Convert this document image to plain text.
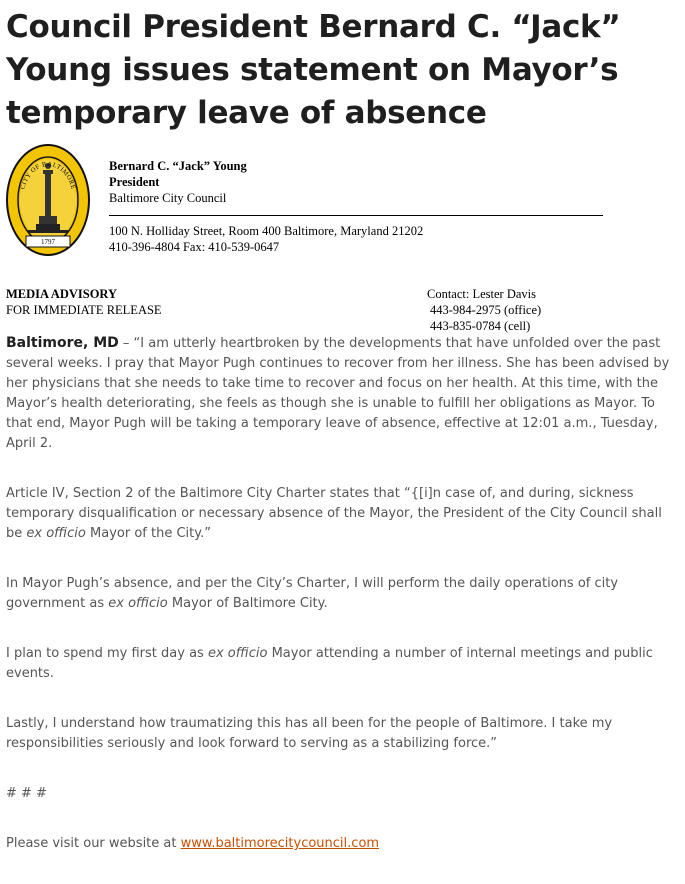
Council President Bernard C. “Jack” Young issues statement on Mayor’s temporary leave of absence
1797
CITY OF BALTIMORE
Bernard C. “Jack” Young
President
Baltimore City Council
100 N. Holliday Street, Room 400 Baltimore, Maryland 21202
410-396-4804 Fax: 410-539-0647
MEDIA ADVISORY
FOR IMMEDIATE RELEASE
Contact: Lester Davis
443-984-2975 (office)
443-835-0784 (cell)

Baltimore, MD – “I am utterly heartbroken by the developments that have unfolded over the past several weeks. I pray that Mayor Pugh continues to recover from her illness. She has been advised by her physicians that she needs to take time to recover and focus on her health. At this time, with the Mayor’s health deteriorating, she feels as though she is unable to fulfill her obligations as Mayor. To that end, Mayor Pugh will be taking a temporary leave of absence, effective at 12:01 a.m., Tuesday, April 2.

Article IV, Section 2 of the Baltimore City Charter states that “{[i]n case of, and during, sickness temporary disqualification or necessary absence of the Mayor, the President of the City Council shall be ex officio Mayor of the City.”

In Mayor Pugh’s absence, and per the City’s Charter, I will perform the daily operations of city government as ex officio Mayor of Baltimore City.

I plan to spend my first day as ex officio Mayor attending a number of internal meetings and public events.

Lastly, I understand how traumatizing this has all been for the people of Baltimore. I take my responsibilities seriously and look forward to serving as a stabilizing force.”

# # #

Please visit our website at www.baltimorecitycouncil.com
